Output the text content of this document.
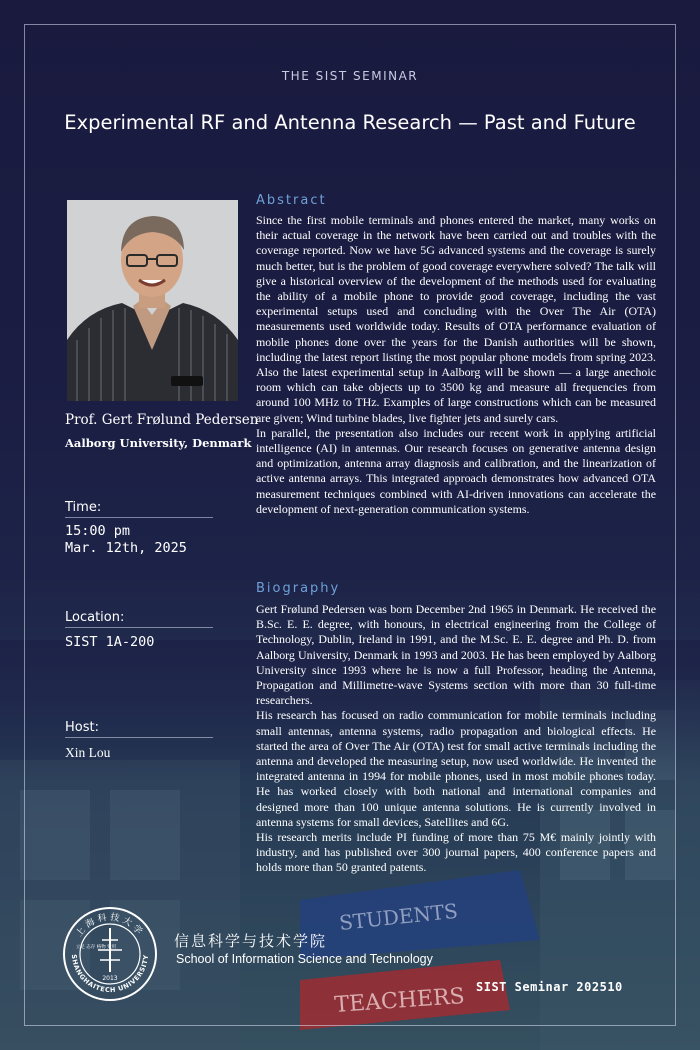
THE SIST SEMINAR
Experimental RF and Antenna Research — Past and Future
Prof. Gert Frølund Pedersen
Aalborg University, Denmark
Time:
15:00 pm
Mar. 12th, 2025
Location:
SIST 1A-200
Host:
Xin Lou
Abstract

Since the first mobile terminals and phones entered the market, many works on their actual coverage in the network have been carried out and troubles with the coverage reported. Now we have 5G advanced systems and the coverage is surely much better, but is the problem of good coverage everywhere solved? The talk will give a historical overview of the development of the methods used for evaluating the ability of a mobile phone to provide good coverage, including the vast experimental setups used and concluding with the Over The Air (OTA) measurements used worldwide today. Results of OTA performance evaluation of mobile phones done over the years for the Danish authorities will be shown, including the latest report listing the most popular phone models from spring 2023. Also the latest experimental setup in Aalborg will be shown — a large anechoic room which can take objects up to 3500 kg and measure all frequencies from around 100 MHz to THz. Examples of large constructions which can be measured are given; Wind turbine blades, live fighter jets and surely cars.

In parallel, the presentation also includes our recent work in applying artificial intelligence (AI) in antennas. Our research focuses on generative antenna design and optimization, antenna array diagnosis and calibration, and the linearization of active antenna arrays. This integrated approach demonstrates how advanced OTA measurement techniques combined with AI-driven innovations can accelerate the development of next-generation communication systems.

Biography

Gert Frølund Pedersen was born December 2nd 1965 in Denmark. He received the B.Sc. E. E. degree, with honours, in electrical engineering from the College of Technology, Dublin, Ireland in 1991, and the M.Sc. E. E. degree and Ph. D. from Aalborg University, Denmark in 1993 and 2003. He has been employed by Aalborg University since 1993 where he is now a full Professor, heading the Antenna, Propagation and Millimetre-wave Systems section with more than 30 full-time researchers.

His research has focused on radio communication for mobile terminals including small antennas, antenna systems, radio propagation and biological effects. He started the area of Over The Air (OTA) test for small active terminals including the antenna and developed the measuring setup, now used worldwide. He invented the integrated antenna in 1994 for mobile phones, used in most mobile phones today. He has worked closely with both national and international companies and designed more than 100 unique antenna solutions. He is currently involved in antenna systems for small devices, Satellites and 6G.

His research merits include PI funding of more than 75 M€ mainly jointly with industry, and has published over 300 journal papers, 400 conference papers and holds more than 50 granted patents.

上海科技大学
SHANGHAITECH UNIVERSITY
立足 志存 格物 致用
2013
信息科学与技术学院
School of Information Science and Technology
SIST Seminar 202510
